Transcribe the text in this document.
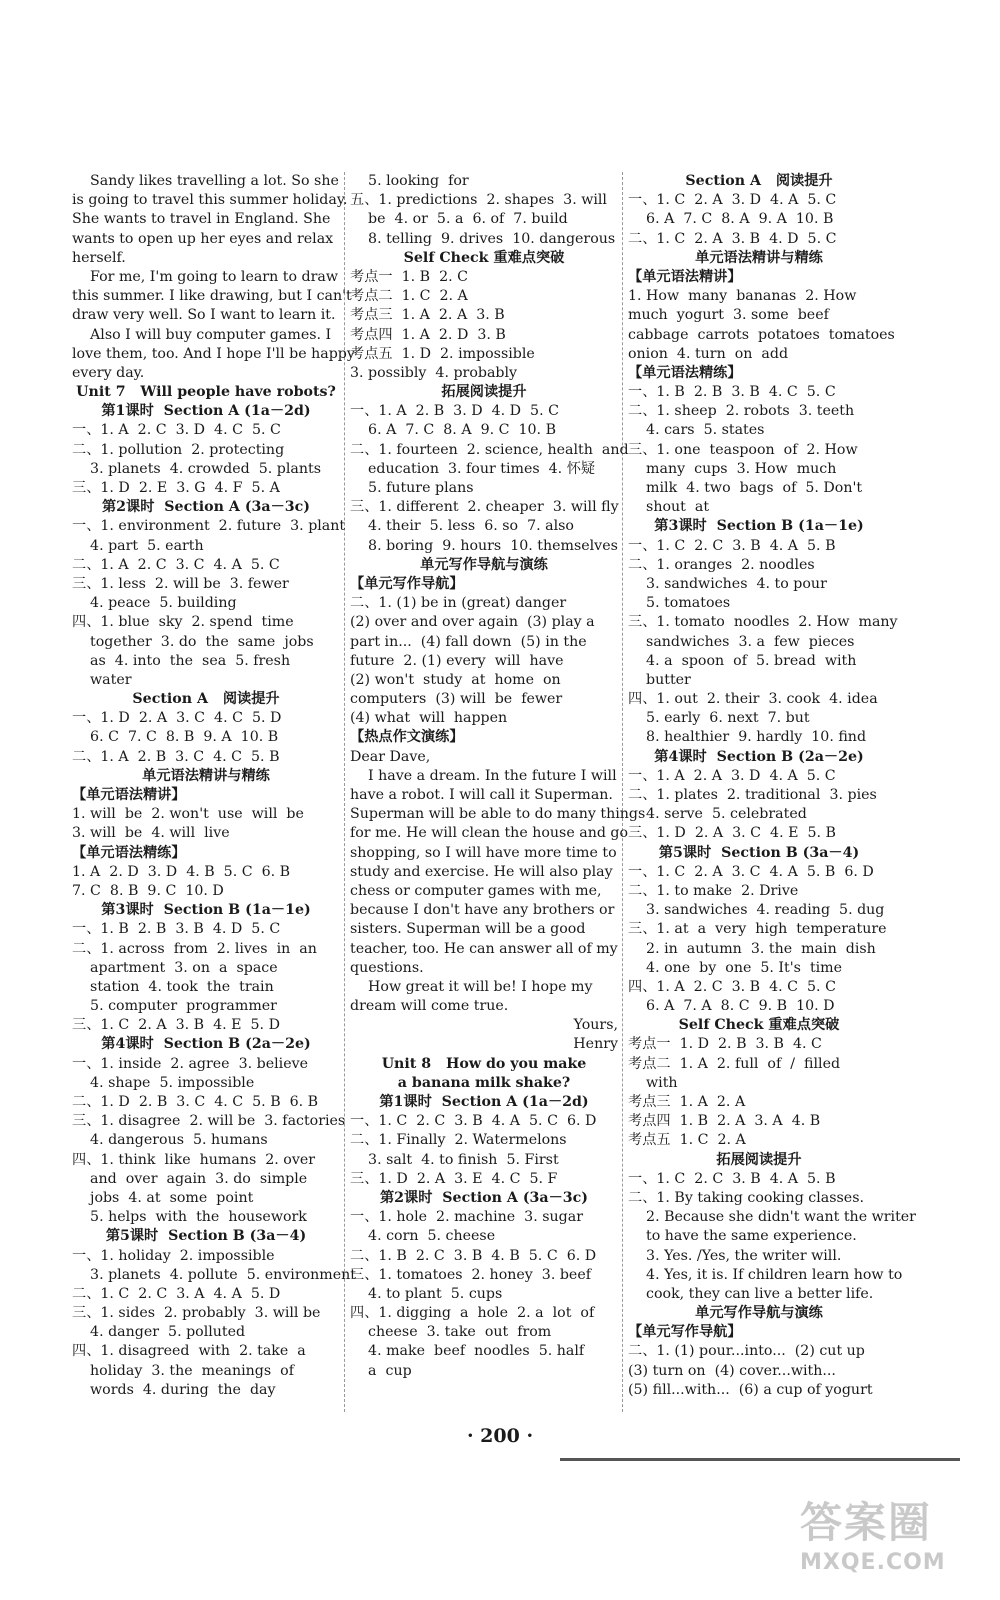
Sandy likes travelling a lot. So she
is going to travel this summer holiday.
She wants to travel in England. She
wants to open up her eyes and relax
herself.
For me, I'm going to learn to draw
this summer. I like drawing, but I can't
draw very well. So I want to learn it.
Also I will buy computer games. I
love them, too. And I hope I'll be happy
every day.
Unit 7   Will people have robots?
第1课时  Section A (1a－2d)
一、1. A  2. C  3. D  4. C  5. C
二、1. pollution  2. protecting
3. planets  4. crowded  5. plants
三、1. D  2. E  3. G  4. F  5. A
第2课时  Section A (3a－3c)
一、1. environment  2. future  3. plant
4. part  5. earth
二、1. A  2. C  3. C  4. A  5. C
三、1. less  2. will be  3. fewer
4. peace  5. building
四、1. blue  sky  2. spend  time
together  3. do  the  same  jobs
as  4. into  the  sea  5. fresh
water
Section A   阅读提升
一、1. D  2. A  3. C  4. C  5. D
6. C  7. C  8. B  9. A  10. B
二、1. A  2. B  3. C  4. C  5. B
单元语法精讲与精练
【单元语法精讲】
1. will  be  2. won't  use  will  be
3. will  be  4. will  live
【单元语法精练】
1. A  2. D  3. D  4. B  5. C  6. B
7. C  8. B  9. C  10. D
第3课时  Section B (1a－1e)
一、1. B  2. B  3. B  4. D  5. C
二、1. across  from  2. lives  in  an
apartment  3. on  a  space
station  4. took  the  train
5. computer  programmer
三、1. C  2. A  3. B  4. E  5. D
第4课时  Section B (2a－2e)
一、1. inside  2. agree  3. believe
4. shape  5. impossible
二、1. D  2. B  3. C  4. C  5. B  6. B
三、1. disagree  2. will be  3. factories
4. dangerous  5. humans
四、1. think  like  humans  2. over
and  over  again  3. do  simple
jobs  4. at  some  point
5. helps  with  the  housework
第5课时  Section B (3a－4)
一、1. holiday  2. impossible
3. planets  4. pollute  5. environment
二、1. C  2. C  3. A  4. A  5. D
三、1. sides  2. probably  3. will be
4. danger  5. polluted
四、1. disagreed  with  2. take  a
holiday  3. the  meanings  of
words  4. during  the  day
5. looking  for
五、1. predictions  2. shapes  3. will
be  4. or  5. a  6. of  7. build
8. telling  9. drives  10. dangerous
Self Check 重难点突破
考点一  1. B  2. C
考点二  1. C  2. A
考点三  1. A  2. A  3. B
考点四  1. A  2. D  3. B
考点五  1. D  2. impossible
3. possibly  4. probably
拓展阅读提升
一、1. A  2. B  3. D  4. D  5. C
6. A  7. C  8. A  9. C  10. B
二、1. fourteen  2. science, health  and
education  3. four times  4. 怀疑
5. future plans
三、1. different  2. cheaper  3. will fly
4. their  5. less  6. so  7. also
8. boring  9. hours  10. themselves
单元写作导航与演练
【单元写作导航】
二、1. (1) be in (great) danger
(2) over and over again  (3) play a
part in...  (4) fall down  (5) in the
future  2. (1) every  will  have
(2) won't  study  at  home  on
computers  (3) will  be  fewer
(4) what  will  happen
【热点作文演练】
Dear Dave,
I have a dream. In the future I will
have a robot. I will call it Superman.
Superman will be able to do many things
for me. He will clean the house and go
shopping, so I will have more time to
study and exercise. He will also play
chess or computer games with me,
because I don't have any brothers or
sisters. Superman will be a good
teacher, too. He can answer all of my
questions.
How great it will be! I hope my
dream will come true.
Yours,
Henry
Unit 8   How do you make
a banana milk shake?
第1课时  Section A (1a－2d)
一、1. C  2. C  3. B  4. A  5. C  6. D
二、1. Finally  2. Watermelons
3. salt  4. to finish  5. First
三、1. D  2. A  3. E  4. C  5. F
第2课时  Section A (3a－3c)
一、1. hole  2. machine  3. sugar
4. corn  5. cheese
二、1. B  2. C  3. B  4. B  5. C  6. D
三、1. tomatoes  2. honey  3. beef
4. to plant  5. cups
四、1. digging  a  hole  2. a  lot  of
cheese  3. take  out  from
4. make  beef  noodles  5. half
a  cup
Section A   阅读提升
一、1. C  2. A  3. D  4. A  5. C
6. A  7. C  8. A  9. A  10. B
二、1. C  2. A  3. B  4. D  5. C
单元语法精讲与精练
【单元语法精讲】
1. How  many  bananas  2. How
much  yogurt  3. some  beef
cabbage  carrots  potatoes  tomatoes
onion  4. turn  on  add
【单元语法精练】
一、1. B  2. B  3. B  4. C  5. C
二、1. sheep  2. robots  3. teeth
4. cars  5. states
三、1. one  teaspoon  of  2. How
many  cups  3. How  much
milk  4. two  bags  of  5. Don't
shout  at
第3课时  Section B (1a－1e)
一、1. C  2. C  3. B  4. A  5. B
二、1. oranges  2. noodles
3. sandwiches  4. to pour
5. tomatoes
三、1. tomato  noodles  2. How  many
sandwiches  3. a  few  pieces
4. a  spoon  of  5. bread  with
butter
四、1. out  2. their  3. cook  4. idea
5. early  6. next  7. but
8. healthier  9. hardly  10. find
第4课时  Section B (2a－2e)
一、1. A  2. A  3. D  4. A  5. C
二、1. plates  2. traditional  3. pies
4. serve  5. celebrated
三、1. D  2. A  3. C  4. E  5. B
第5课时  Section B (3a－4)
一、1. C  2. A  3. C  4. A  5. B  6. D
二、1. to make  2. Drive
3. sandwiches  4. reading  5. dug
三、1. at  a  very  high  temperature
2. in  autumn  3. the  main  dish
4. one  by  one  5. It's  time
四、1. A  2. C  3. B  4. C  5. C
6. A  7. A  8. C  9. B  10. D
Self Check 重难点突破
考点一  1. D  2. B  3. B  4. C
考点二  1. A  2. full  of  /  filled
with
考点三  1. A  2. A
考点四  1. B  2. A  3. A  4. B
考点五  1. C  2. A
拓展阅读提升
一、1. C  2. C  3. B  4. A  5. B
二、1. By taking cooking classes.
2. Because she didn't want the writer
to have the same experience.
3. Yes. /Yes, the writer will.
4. Yes, it is. If children learn how to
cook, they can live a better life.
单元写作导航与演练
【单元写作导航】
二、1. (1) pour...into...  (2) cut up
(3) turn on  (4) cover...with...
(5) fill...with...  (6) a cup of yogurt
· 200 ·
答案圈
MXQE.COM
